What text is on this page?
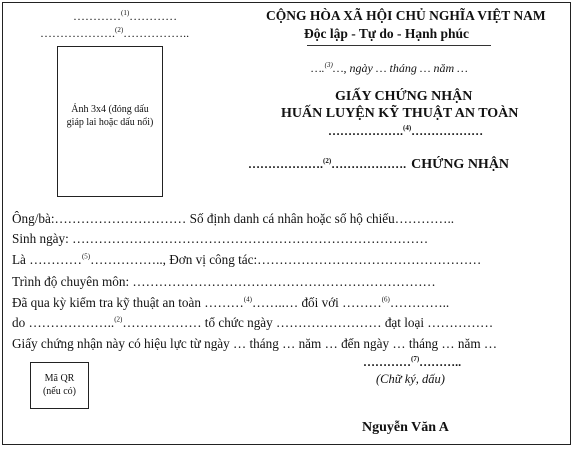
…………$^{(1)}$…………
……………….$^{(2)}$……………..
CỘNG HÒA XÃ HỘI CHỦ NGHĨA VIỆT NAM
Độc lập - Tự do - Hạnh phúc
….$^{(3)}$…, ngày … tháng … năm …
Ảnh 3x4 (đóng dấu giáp lai hoặc dấu nổi)
GIẤY CHỨNG NHẬN
HUẤN LUYỆN KỸ THUẬT AN TOÀN
……………….$^{(4)}$………………
……………….$^{(2)}$………………. CHỨNG NHẬN
Ông/bà:………………………… Số định danh cá nhân hoặc số hộ chiếu…………..
Sinh ngày: ………………………………………………………………………
Là …………$^{(5)}$…………….., Đơn vị công tác:……………………………………………
Trình độ chuyên môn: ……………………………………………………………
Đã qua kỳ kiểm tra kỹ thuật an toàn ………$^{(4)}$……..… đối với ………$^{(6)}$…………..
do ………………..$^{(2)}$……………… tổ chức ngày …………………… đạt loại ……………
Giấy chứng nhận này có hiệu lực từ ngày … tháng … năm … đến ngày … tháng … năm …
Mã QR
(nếu có)
…………$^{(7)}$………..
(Chữ ký, dấu)
Nguyễn Văn A
